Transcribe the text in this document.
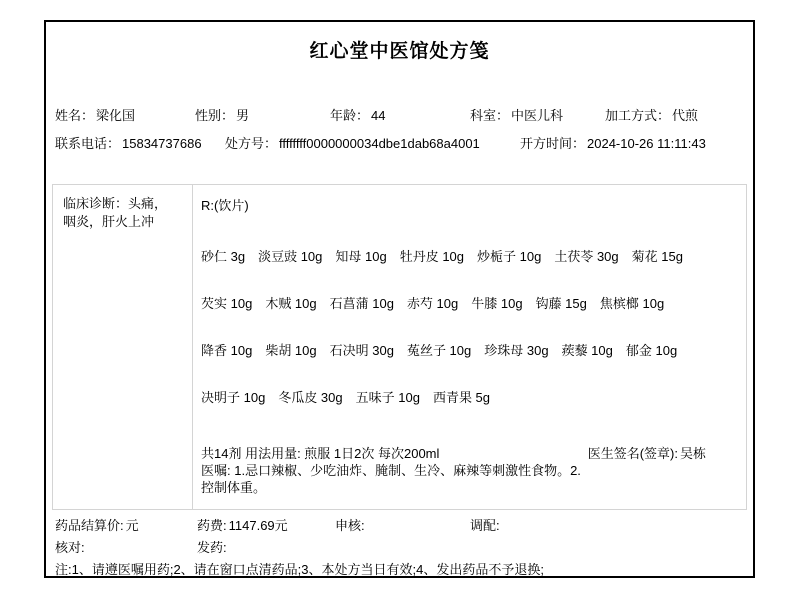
红心堂中医馆处方笺
姓名： 梁化国	性别： 男	年龄： 44	科室： 中医儿科	加工方式： 代煎
联系电话： 15834737686 处方号： ffffffff0000000034dbe1dab68a4001	开方时间： 2024-10-26 11:11:43
临床诊断：头痛，咽炎，肝火上冲
R:(饮片)
砂仁 3g 淡豆豉 10g 知母 10g 牡丹皮 10g 炒栀子 10g 土茯苓 30g 菊花 15g
芡实 10g 木贼 10g 石菖蒲 10g 赤芍 10g 牛膝 10g 钩藤 15g 焦槟榔 10g
降香 10g 柴胡 10g 石决明 30g 菟丝子 10g 珍珠母 30g 蒺藜 10g 郁金 10g
决明子 10g 冬瓜皮 30g 五味子 10g 西青果 5g
共14剂 用法用量: 煎服 1日2次 每次200ml	医生签名(签章): 吴栋
医嘱: 1.忌口辣椒、少吃油炸、腌制、生冷、麻辣等刺激性食物。2.
控制体重。
药品结算价: 元	药费: 1147.69元	申核:	调配:
核对:	发药:
注:1、请遵医嘱用药;2、请在窗口点清药品;3、本处方当日有效;4、发出药品不予退换;
